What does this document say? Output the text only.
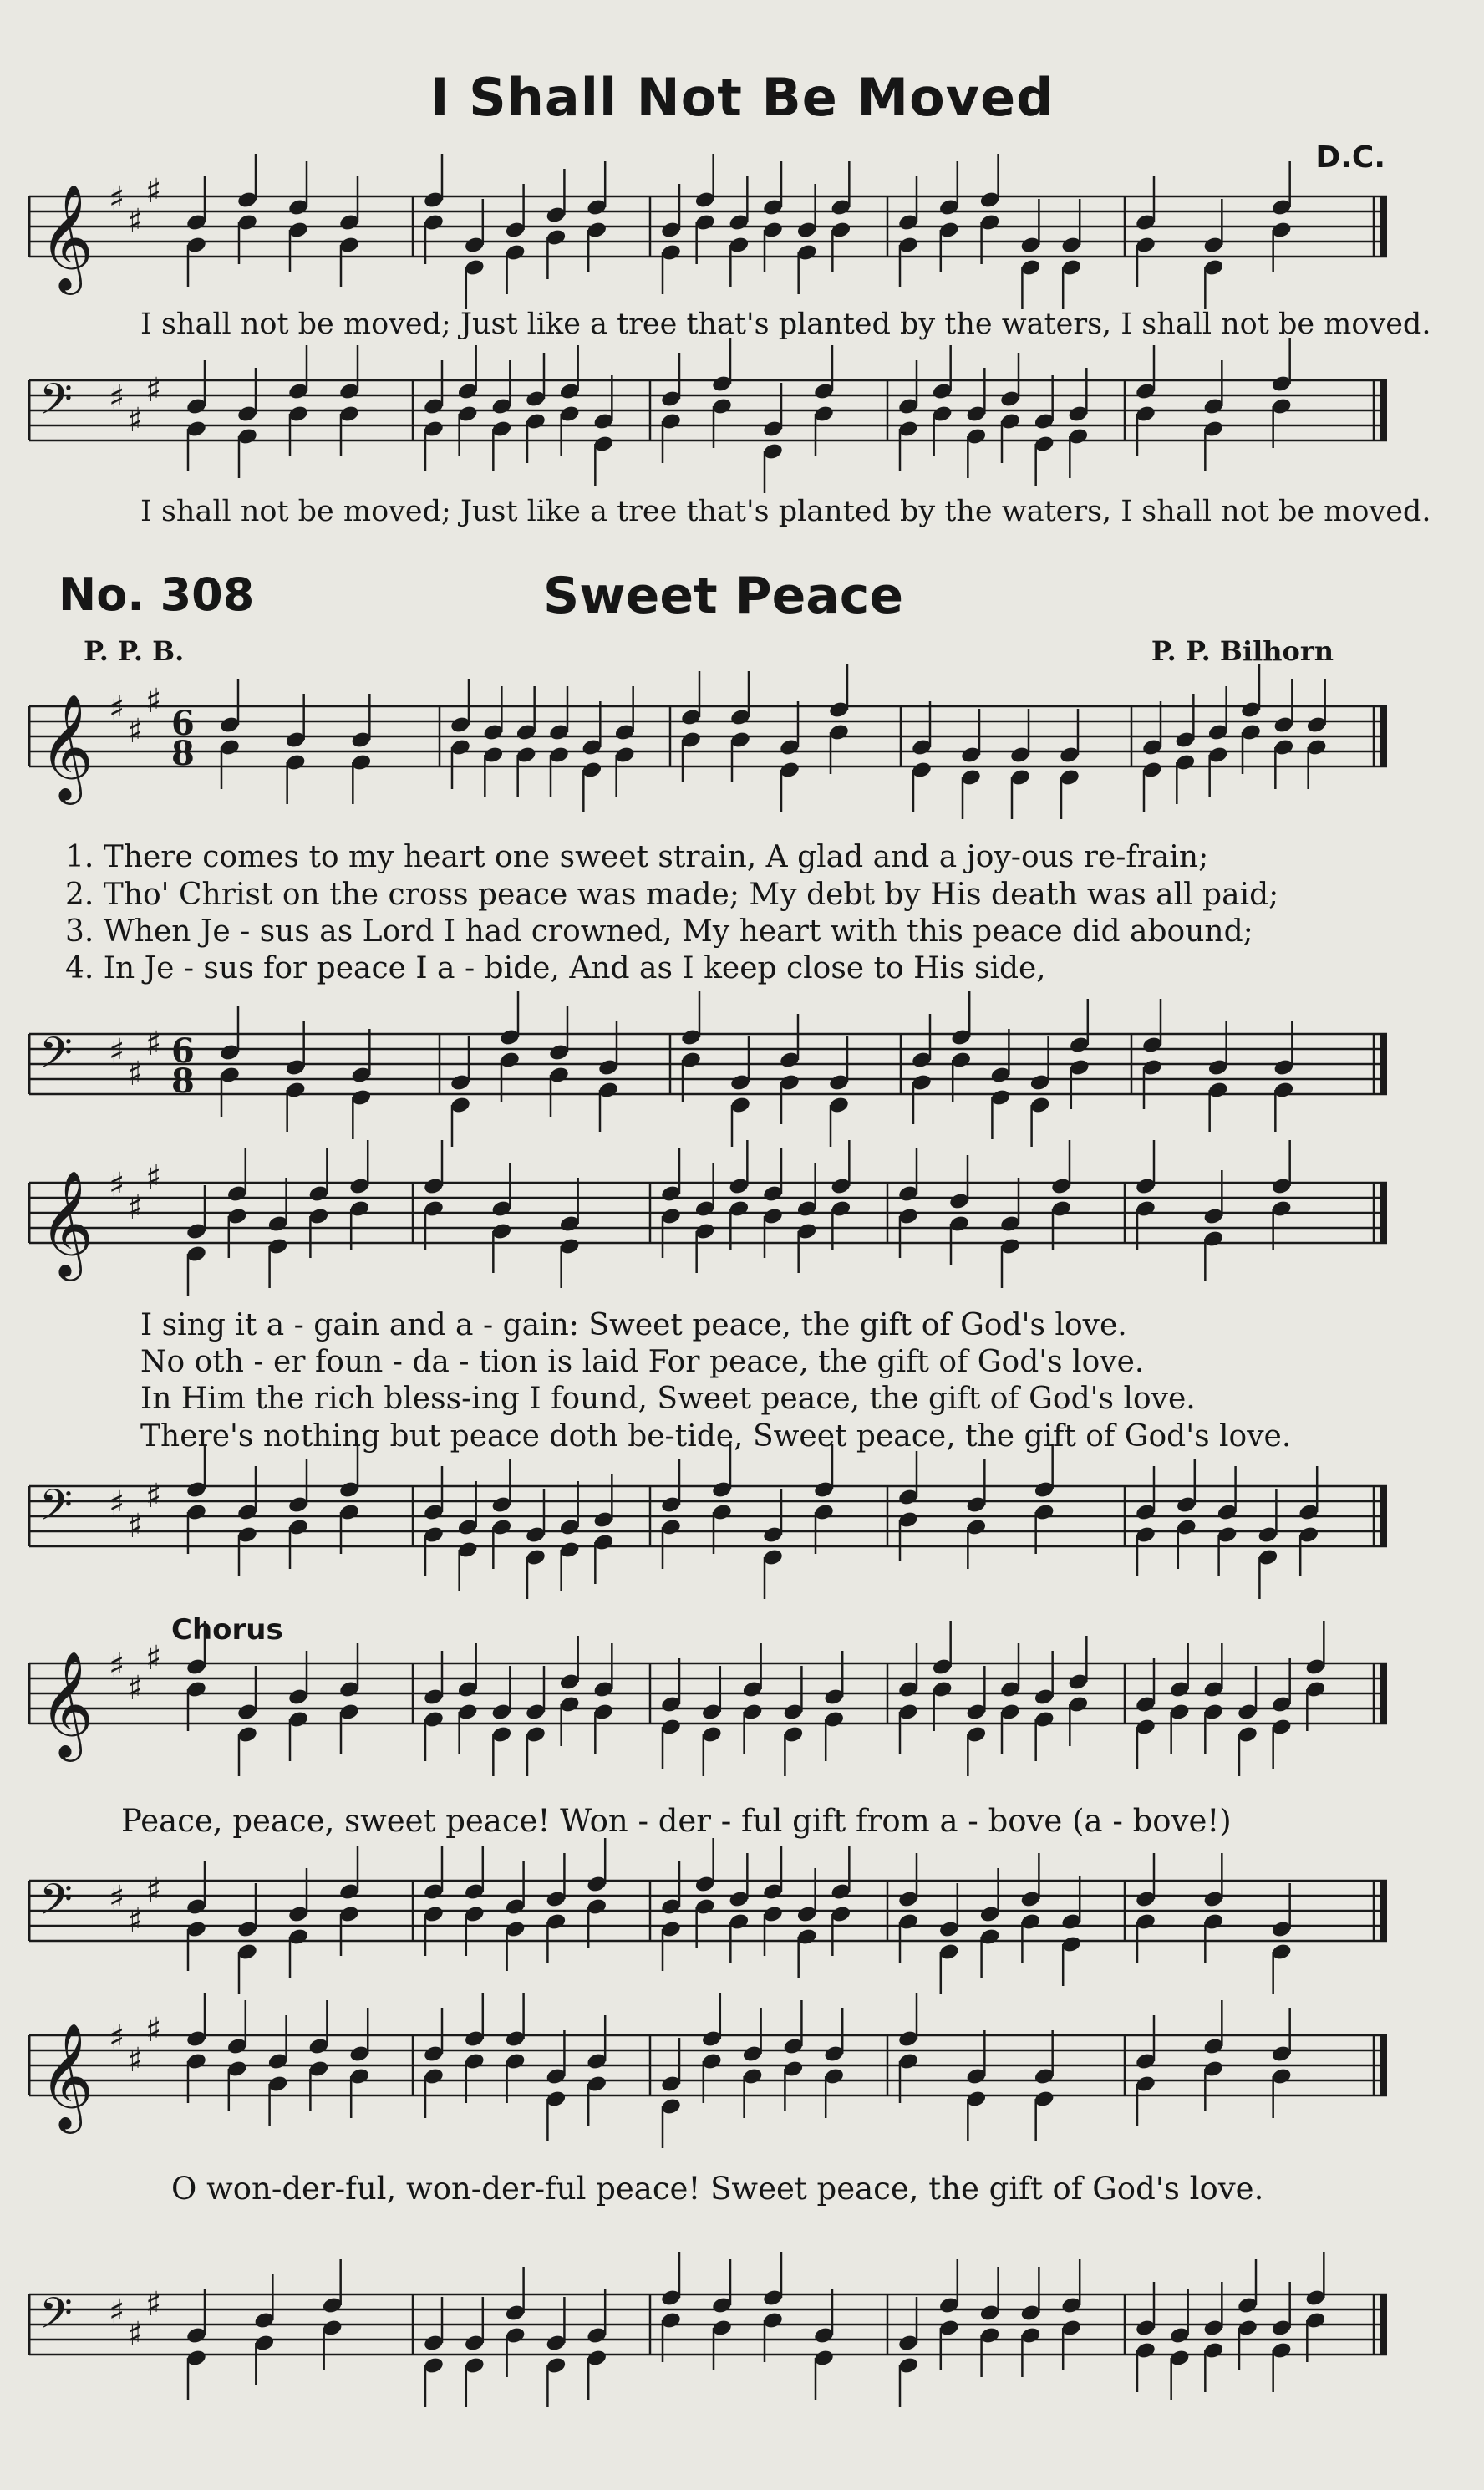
I Shall Not Be Moved
D.C.
𝄞 ♯
♯
♯
I shall not be moved; Just like a tree that's planted by the waters, I shall not be moved.
𝄢 ♯
♯
♯
I shall not be moved; Just like a tree that's planted by the waters, I shall not be moved.
No. 308	Sweet Peace
P. P. B.	P. P. Bilhorn
𝄞 ♯
♯
♯
6
8
1. There comes to my heart one sweet strain, A glad and a joy-ous re-frain;
2. Tho' Christ on the cross peace was made; My debt by His death was all paid;
3. When Je - sus as Lord I had crowned, My heart with this peace did abound;
4. In Je - sus for peace I a - bide, And as I keep close to His side,
𝄢 ♯
♯
♯ 6
8
𝄞 ♯
♯
♯
I sing it a - gain and a - gain: Sweet peace, the gift of God's love.
No oth - er foun - da - tion is laid For peace, the gift of God's love.
In Him the rich bless-ing I found, Sweet peace, the gift of God's love.
There's nothing but peace doth be-tide, Sweet peace, the gift of God's love.
𝄢 ♯
♯
♯
Chorus
𝄞 ♯
♯
♯
Peace, peace, sweet peace! Won - der - ful gift from a - bove (a - bove!)
𝄢 ♯
♯
♯
𝄞 ♯
♯
♯
O won-der-ful, won-der-ful peace! Sweet peace, the gift of God's love.
𝄢 ♯
♯
♯
